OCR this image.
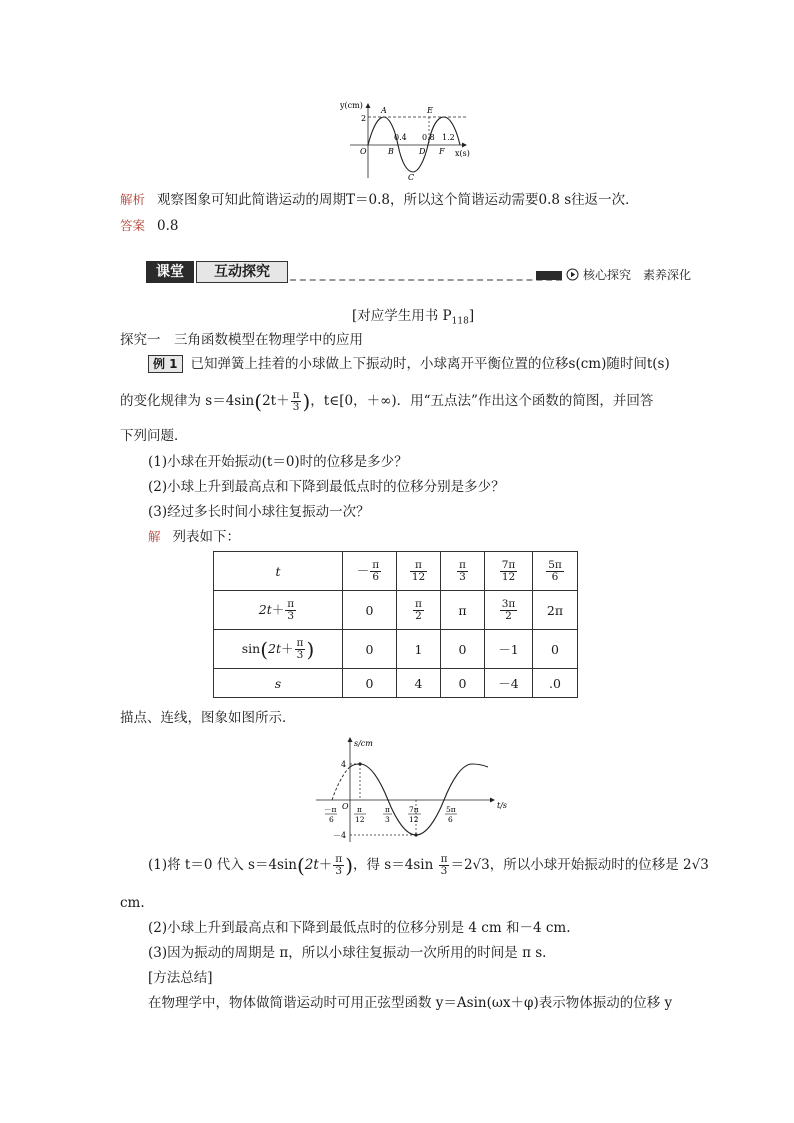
y(cm)
x(s)
O
2
0.4 0.8 1.2
A
B
C
D
E
F
解析 观察图象可知此简谐运动的周期T＝0.8，所以这个简谐运动需要0.8 s往返一次．
答案 0.8
课堂	互动探究	核心探究　素养深化
[对应学生用书 $P_{118}$]
探究一　三角函数模型在物理学中的应用
例 1 已知弹簧上挂着的小球做上下振动时，小球离开平衡位置的位移s(cm)随时间t(s)
的变化规律为 $s=4\sin(2t+ \frac{\pi}{3}$ )，t∈[0，＋∞)．用“五点法”作出这个函数的简图，并回答
下列问题．
(1)小球在开始振动(t＝0)时的位移是多少？
(2)小球上升到最高点和下降到最低点时的位移分别是多少？
(3)经过多长时间小球往复振动一次？
解 列表如下：
t	－ $\frac{\pi}{6}$	$\frac{\pi}{12}$	$\frac{\pi}{3}$	$\frac{7\pi}{12}$	$\frac{5\pi}{6}$

$2t+ \frac{\pi}{3}$	0	$\frac{\pi}{2}$	π	$\frac{3\pi}{2}$	2π
$\sin(2t+ \frac{\pi}{3}$ )	0	1	0	－1	0
s	0	4	0	－4	.0
描点、连线，图象如图所示．
s/cm
t/s
O
4
－4
－π
6
π
12
π
3
7π
12
5π
6
(1)将 t＝0 代入 $s=4\sin(2t+ \frac{\pi}{3}$ )，得 $s=4\sin \frac{\pi}{3} =2√3$，所以小球开始振动时的位移是 2√3
cm.
(2)小球上升到最高点和下降到最低点时的位移分别是 4 cm 和－4 cm.
(3)因为振动的周期是 π，所以小球往复振动一次所用的时间是 π s.
[方法总结]
在物理学中，物体做简谐运动时可用正弦型函数 y＝Asin(ωx＋φ)表示物体振动的位移 y
